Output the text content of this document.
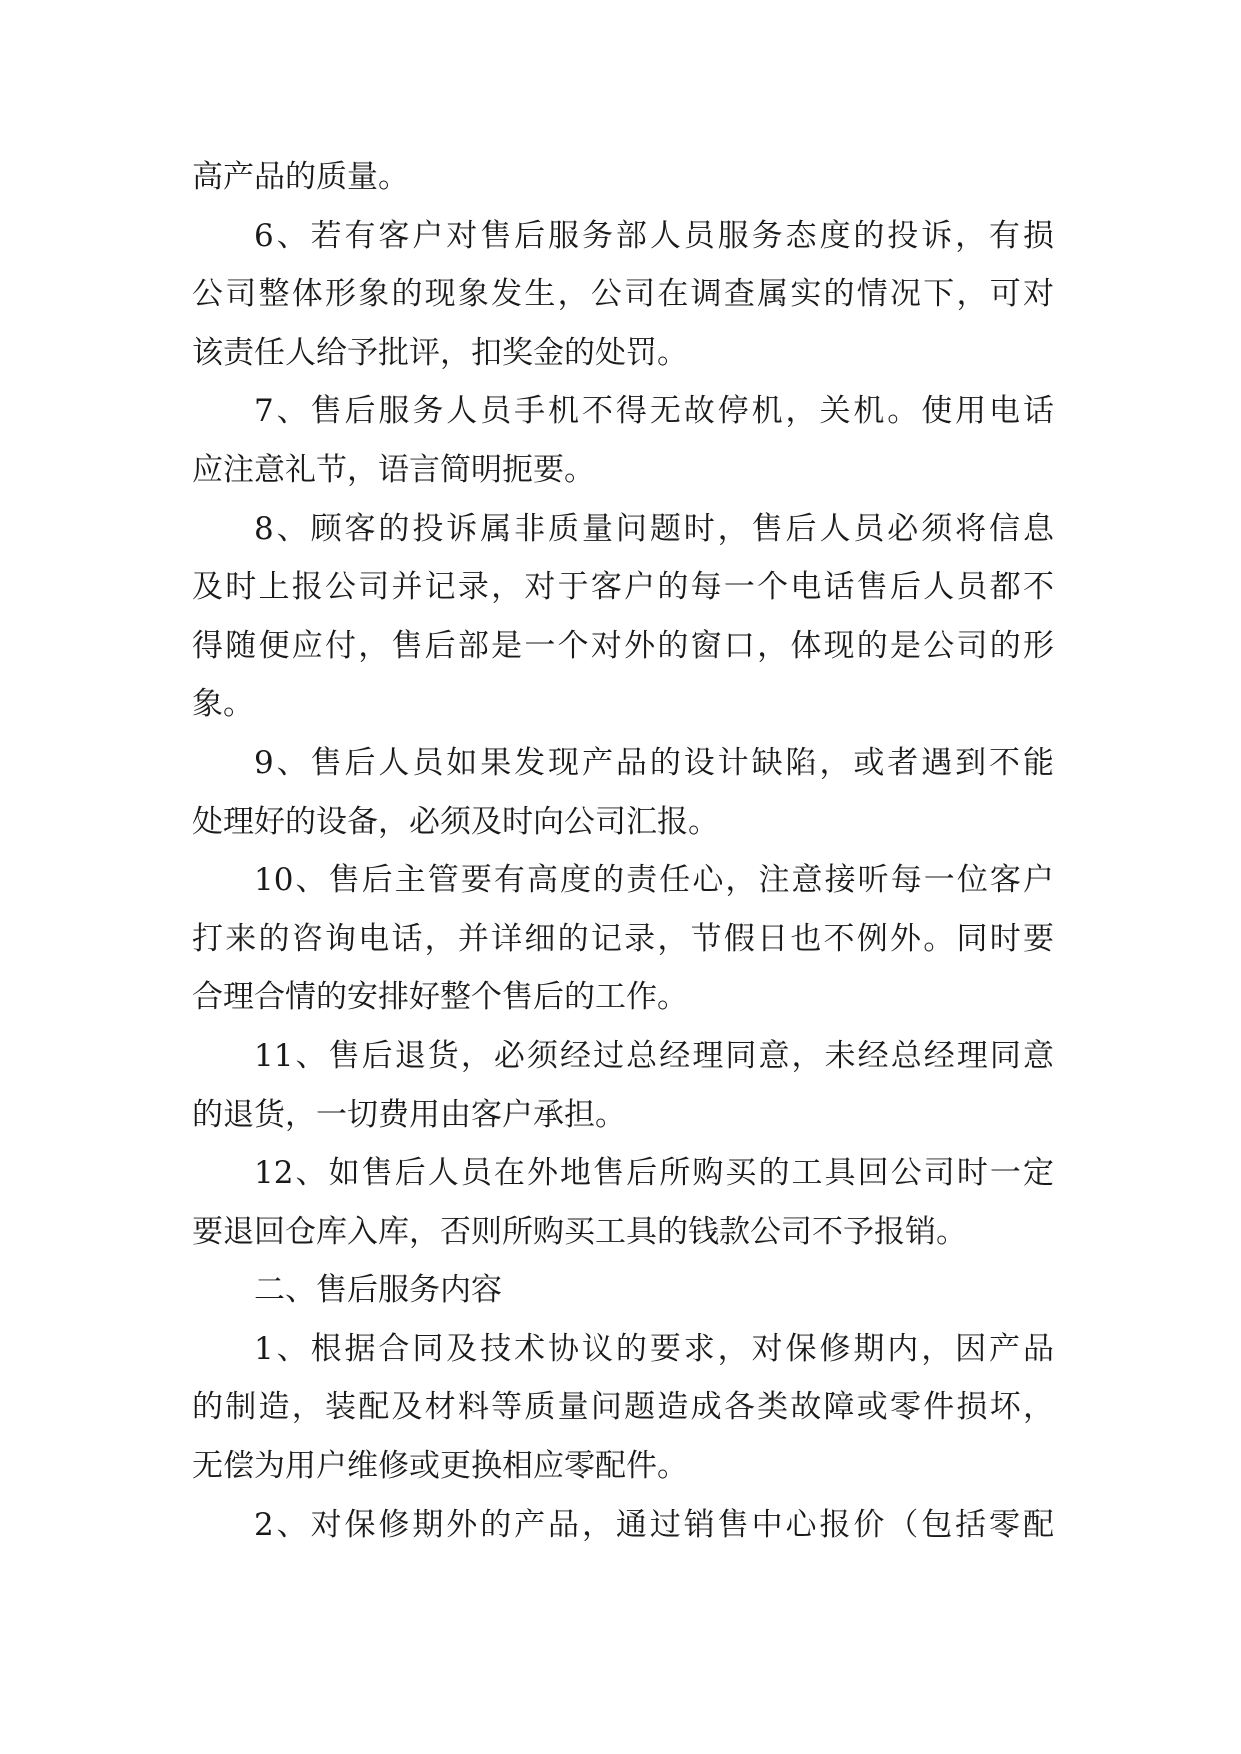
高产品的质量。
6、若有客户对售后服务部人员服务态度的投诉，有损
公司整体形象的现象发生，公司在调查属实的情况下，可对
该责任人给予批评，扣奖金的处罚。
7、售后服务人员手机不得无故停机，关机。使用电话
应注意礼节，语言简明扼要。
8、顾客的投诉属非质量问题时，售后人员必须将信息
及时上报公司并记录，对于客户的每一个电话售后人员都不
得随便应付，售后部是一个对外的窗口，体现的是公司的形
象。
9、售后人员如果发现产品的设计缺陷，或者遇到不能
处理好的设备，必须及时向公司汇报。
10、售后主管要有高度的责任心，注意接听每一位客户
打来的咨询电话，并详细的记录，节假日也不例外。同时要
合理合情的安排好整个售后的工作。
11、售后退货，必须经过总经理同意，未经总经理同意
的退货，一切费用由客户承担。
12、如售后人员在外地售后所购买的工具回公司时一定
要退回仓库入库，否则所购买工具的钱款公司不予报销。
二、售后服务内容
1、根据合同及技术协议的要求，对保修期内，因产品
的制造，装配及材料等质量问题造成各类故障或零件损坏，
无偿为用户维修或更换相应零配件。
2、对保修期外的产品，通过销售中心报价（包括零配
